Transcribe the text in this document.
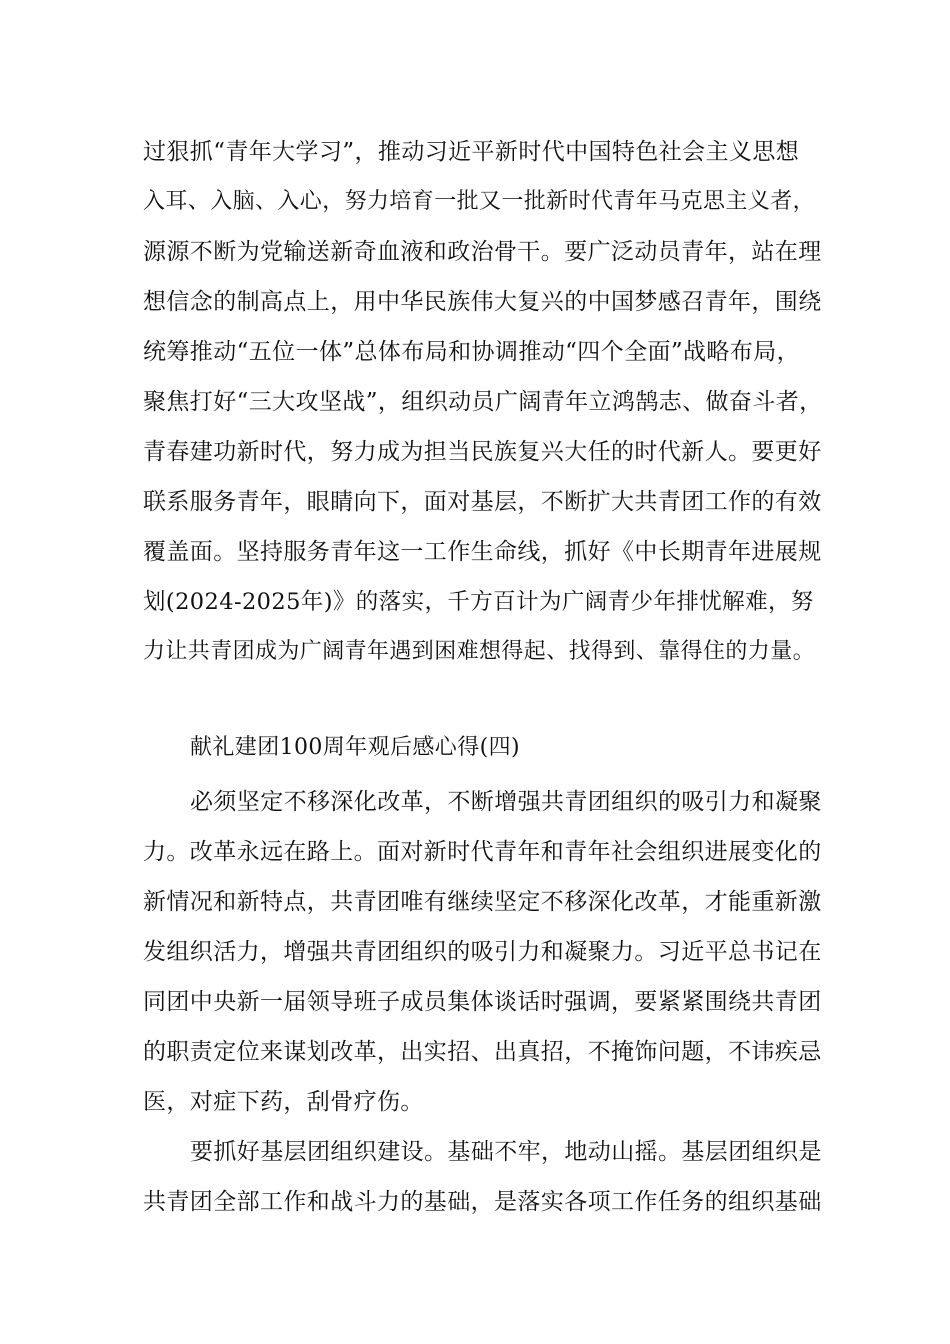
过狠抓“青年大学习”，推动习近平新时代中国特色社会主义思想
入耳、入脑、入心，努力培育一批又一批新时代青年马克思主义者，
源源不断为党输送新奇血液和政治骨干。要广泛动员青年，站在理
想信念的制高点上，用中华民族伟大复兴的中国梦感召青年，围绕
统筹推动“五位一体”总体布局和协调推动“四个全面”战略布局，
聚焦打好“三大攻坚战”，组织动员广阔青年立鸿鹄志、做奋斗者，
青春建功新时代，努力成为担当民族复兴大任的时代新人。要更好
联系服务青年，眼睛向下，面对基层，不断扩大共青团工作的有效
覆盖面。坚持服务青年这一工作生命线，抓好《中长期青年进展规
划(2024-2025年)》的落实，千方百计为广阔青少年排忧解难，努
力让共青团成为广阔青年遇到困难想得起、找得到、靠得住的力量。
献礼建团100周年观后感心得(四)
必须坚定不移深化改革，不断增强共青团组织的吸引力和凝聚
力。改革永远在路上。面对新时代青年和青年社会组织进展变化的
新情况和新特点，共青团唯有继续坚定不移深化改革，才能重新激
发组织活力，增强共青团组织的吸引力和凝聚力。习近平总书记在
同团中央新一届领导班子成员集体谈话时强调，要紧紧围绕共青团
的职责定位来谋划改革，出实招、出真招，不掩饰问题，不讳疾忌
医，对症下药，刮骨疗伤。
要抓好基层团组织建设。基础不牢，地动山摇。基层团组织是
共青团全部工作和战斗力的基础，是落实各项工作任务的组织基础
